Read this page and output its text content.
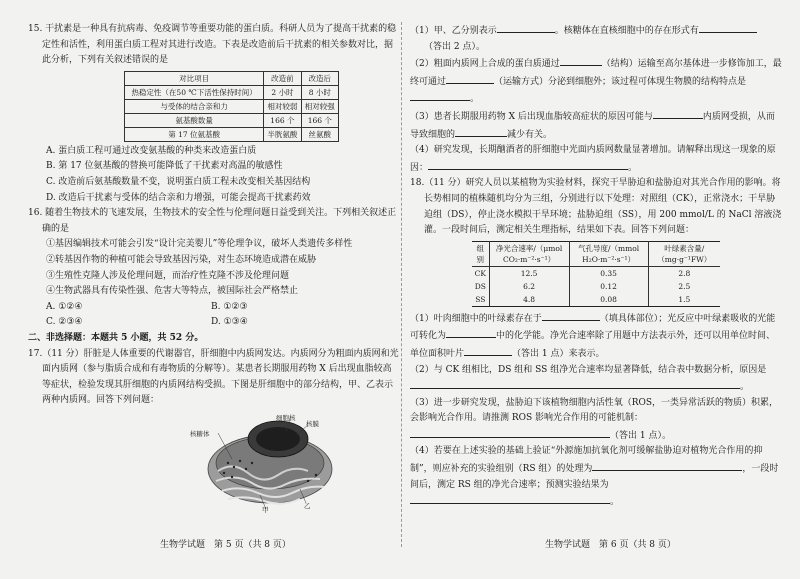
15. 干扰素是一种具有抗病毒、免疫调节等重要功能的蛋白质。科研人员为了提高干扰素的稳定性和活性，利用蛋白质工程对其进行改造。下表是改造前后干扰素的相关参数对比，据此分析，下列有关叙述错误的是

对比项目	改造前	改造后
热稳定性（在50 ℃下活性保持时间）	2 小时	8 小时
与受体的结合亲和力	相对较弱	相对较强
氨基酸数量	166 个	166 个
第 17 位氨基酸	半胱氨酸	丝氨酸

A. 蛋白质工程可通过改变氨基酸的种类来改造蛋白质

B. 第 17 位氨基酸的替换可能降低了干扰素对高温的敏感性

C. 改造前后氨基酸数量不变，说明蛋白质工程未改变相关基因结构

D. 改造后干扰素与受体的结合亲和力增强，可能会提高干扰素药效

16. 随着生物技术的飞速发展，生物技术的安全性与伦理问题日益受到关注。下列相关叙述正确的是

①基因编辑技术可能会引发“设计完美婴儿”等伦理争议，破坏人类遗传多样性

②转基因作物的种植可能会导致基因污染，对生态环境造成潜在威胁

③生殖性克隆人涉及伦理问题，而治疗性克隆不涉及伦理问题

④生物武器具有传染性强、危害大等特点，被国际社会严格禁止

A. ①②④	B. ①②③
C. ②③④	D. ①③④

二、非选择题：本题共 5 小题，共 52 分。

17.（11 分）肝脏是人体重要的代谢器官，肝细胞中内质网发达。内质网分为粗面内质网和光面内质网（参与脂质合成和有毒物质的分解等）。某患者长期服用药物 X 后出现血脂较高等症状，检验发现其肝细胞的内质网结构受损。下图是肝细胞中的部分结构，甲、乙表示两种内质网。回答下列问题：

核糖体
细胞核
核膜
甲	乙
生物学试题　第 5 页（共 8 页）

（1）甲、乙分别表示	。核糖体在直核细胞中的存在形式有
（答出 2 点）。

（2）粗面内质网上合成的蛋白质通过	（结构）运输至高尔基体进一步修饰加工，最终可通过	（运输方式）分泌到细胞外；该过程可体现生物膜的结构特点是。

（3）患者长期服用药物 X 后出现血脂较高症状的原因可能与	内质网受损，从而导致细胞的	减少有关。

（4）研究发现，长期酗酒者的肝细胞中光面内质网数量显著增加。请解释出现这一现象的原因：	。

18.（11 分）研究人员以某植物为实验材料，探究干旱胁迫和盐胁迫对其光合作用的影响。将长势相同的植株随机均分为三组，分别进行以下处理：对照组（CK），正常浇水；干旱胁迫组（DS），停止浇水模拟干旱环境；盐胁迫组（SS），用 200 mmol/L 的 NaCl 溶液浇灌。一段时间后，测定相关生理指标，结果如下表。回答下列问题：

组别	净光合速率/（μmol CO₂·m⁻²·s⁻¹）	气孔导度/（mmol H₂O·m⁻²·s⁻¹）	叶绿素含量/（mg·g⁻¹FW）
CK	12.5	0.35	2.8
DS	6.2	0.12	2.5
SS	4.8	0.08	1.5

（1）叶肉细胞中的叶绿素存在于	（填具体部位）；光反应中叶绿素吸收的光能可转化为	中的化学能。净光合速率除了用题中方法表示外，还可以用单位时间、单位面积叶片	（答出 1 点）来表示。

（2）与 CK 组相比，DS 组和 SS 组净光合速率均显著降低，结合表中数据分析，原因是。

（3）进一步研究发现，盐胁迫下该植物细胞内活性氧（ROS，一类异常活跃的物质）积累，会影响光合作用。请推测 ROS 影响光合作用的可能机制：（答出 1 点）。

（4）若要在上述实验的基础上验证“外源施加抗氧化剂可缓解盐胁迫对植物光合作用的抑制”，则应补充的实验组别（RS 组）的处理为	，一段时间后，测定 RS 组的净光合速率；预测实验结果为。

生物学试题　第 6 页（共 8 页）
